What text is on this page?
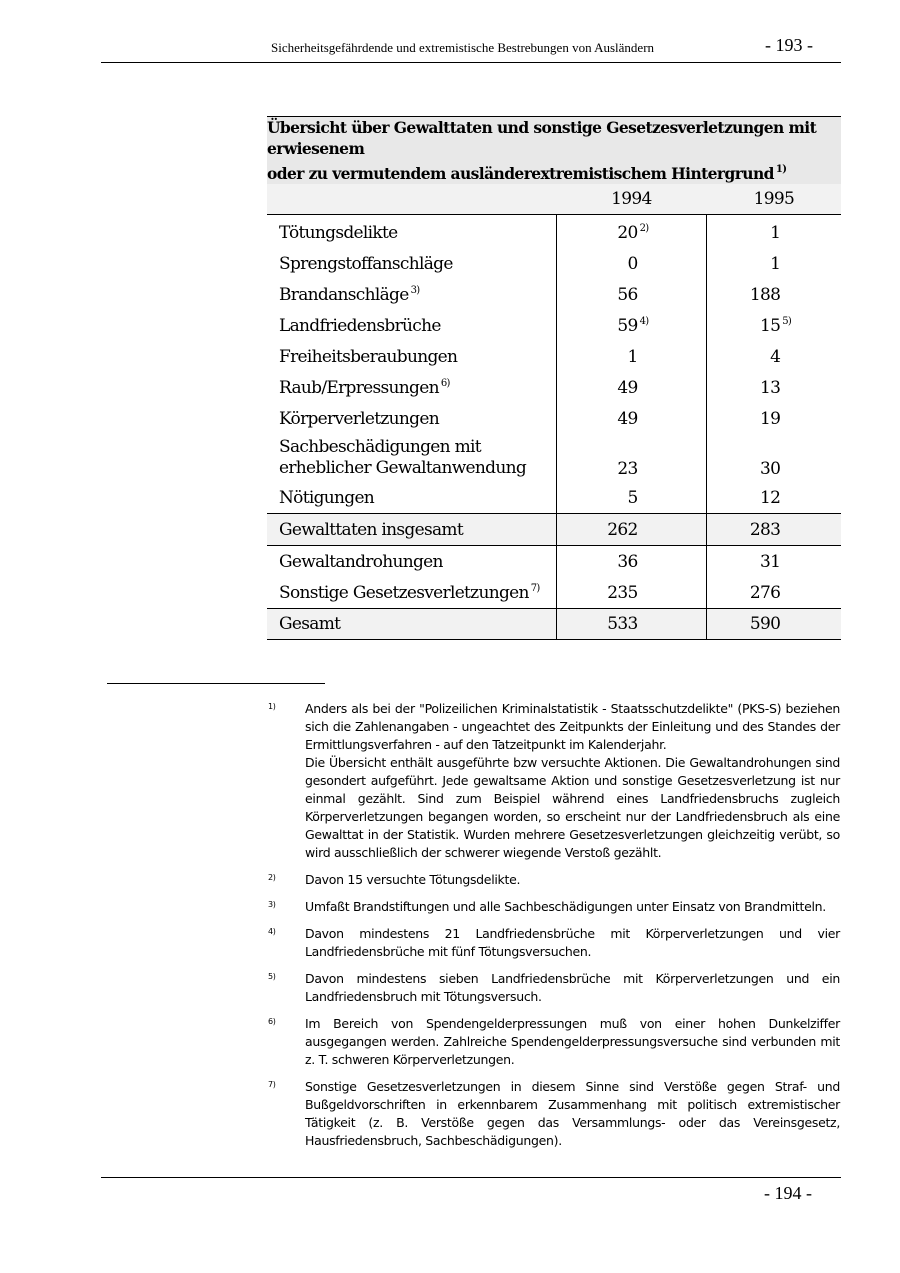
Sicherheitsgefährdende und extremistische Bestrebungen von Ausländern	- 193 -
Übersicht über Gewalttaten und sonstige Gesetzesverletzungen mit erwiesenem
oder zu vermutendem ausländerextremistischem Hintergrund $^{1)}$
	1994	1995
Tötungsdelikte	20 $^{2)}$	1
Sprengstoffanschläge	0	1
Brandanschläge $^{3)}$	56	188
Landfriedensbrüche	59 $^{4)}$	15 $^{5)}$
Freiheitsberaubungen	1	4
Raub/Erpressungen $^{6)}$	49	13
Körperverletzungen	49	19
Sachbeschädigungen mit
erheblicher Gewaltanwendung	23	30
Nötigungen	5	12
Gewalttaten insgesamt	262	283
Gewaltandrohungen	36	31
Sonstige Gesetzesverletzungen $^{7)}$	235	276
Gesamt	533	590
1) Anders als bei der "Polizeilichen Kriminalstatistik - Staatsschutzdelikte" (PKS-S) beziehen sich die Zahlenangaben - ungeachtet des Zeitpunkts der Einleitung und des Standes der Ermittlungsverfahren - auf den Tatzeitpunkt im Kalenderjahr.

Die Übersicht enthält ausgeführte bzw versuchte Aktionen. Die Gewaltandrohungen sind gesondert aufgeführt. Jede gewaltsame Aktion und sonstige Gesetzesverletzung ist nur einmal gezählt. Sind zum Beispiel während eines Landfriedensbruchs zugleich Körperverletzungen begangen worden, so erscheint nur der Landfriedensbruch als eine Gewalttat in der Statistik. Wurden mehrere Gesetzesverletzungen gleichzeitig verübt, so wird ausschließlich der schwerer wiegende Verstoß gezählt.

2) Davon 15 versuchte Tötungsdelikte.

3) Umfaßt Brandstiftungen und alle Sachbeschädigungen unter Einsatz von Brandmitteln.

4) Davon mindestens 21 Landfriedensbrüche mit Körperverletzungen und vier Landfriedensbrüche mit fünf Tötungsversuchen.

5) Davon mindestens sieben Landfriedensbrüche mit Körperverletzungen und ein Landfriedensbruch mit Tötungsversuch.

6) Im Bereich von Spendengelderpressungen muß von einer hohen Dunkelziffer ausgegangen werden. Zahlreiche Spendengelderpressungsversuche sind verbunden mit z. T. schweren Körperverletzungen.

7) Sonstige Gesetzesverletzungen in diesem Sinne sind Verstöße gegen Straf- und Bußgeldvorschriften in erkennbarem Zusammenhang mit politisch extremistischer Tätigkeit (z. B. Verstöße gegen das Versammlungs- oder das Vereinsgesetz, Hausfriedensbruch, Sachbeschädigungen).

- 194 -
